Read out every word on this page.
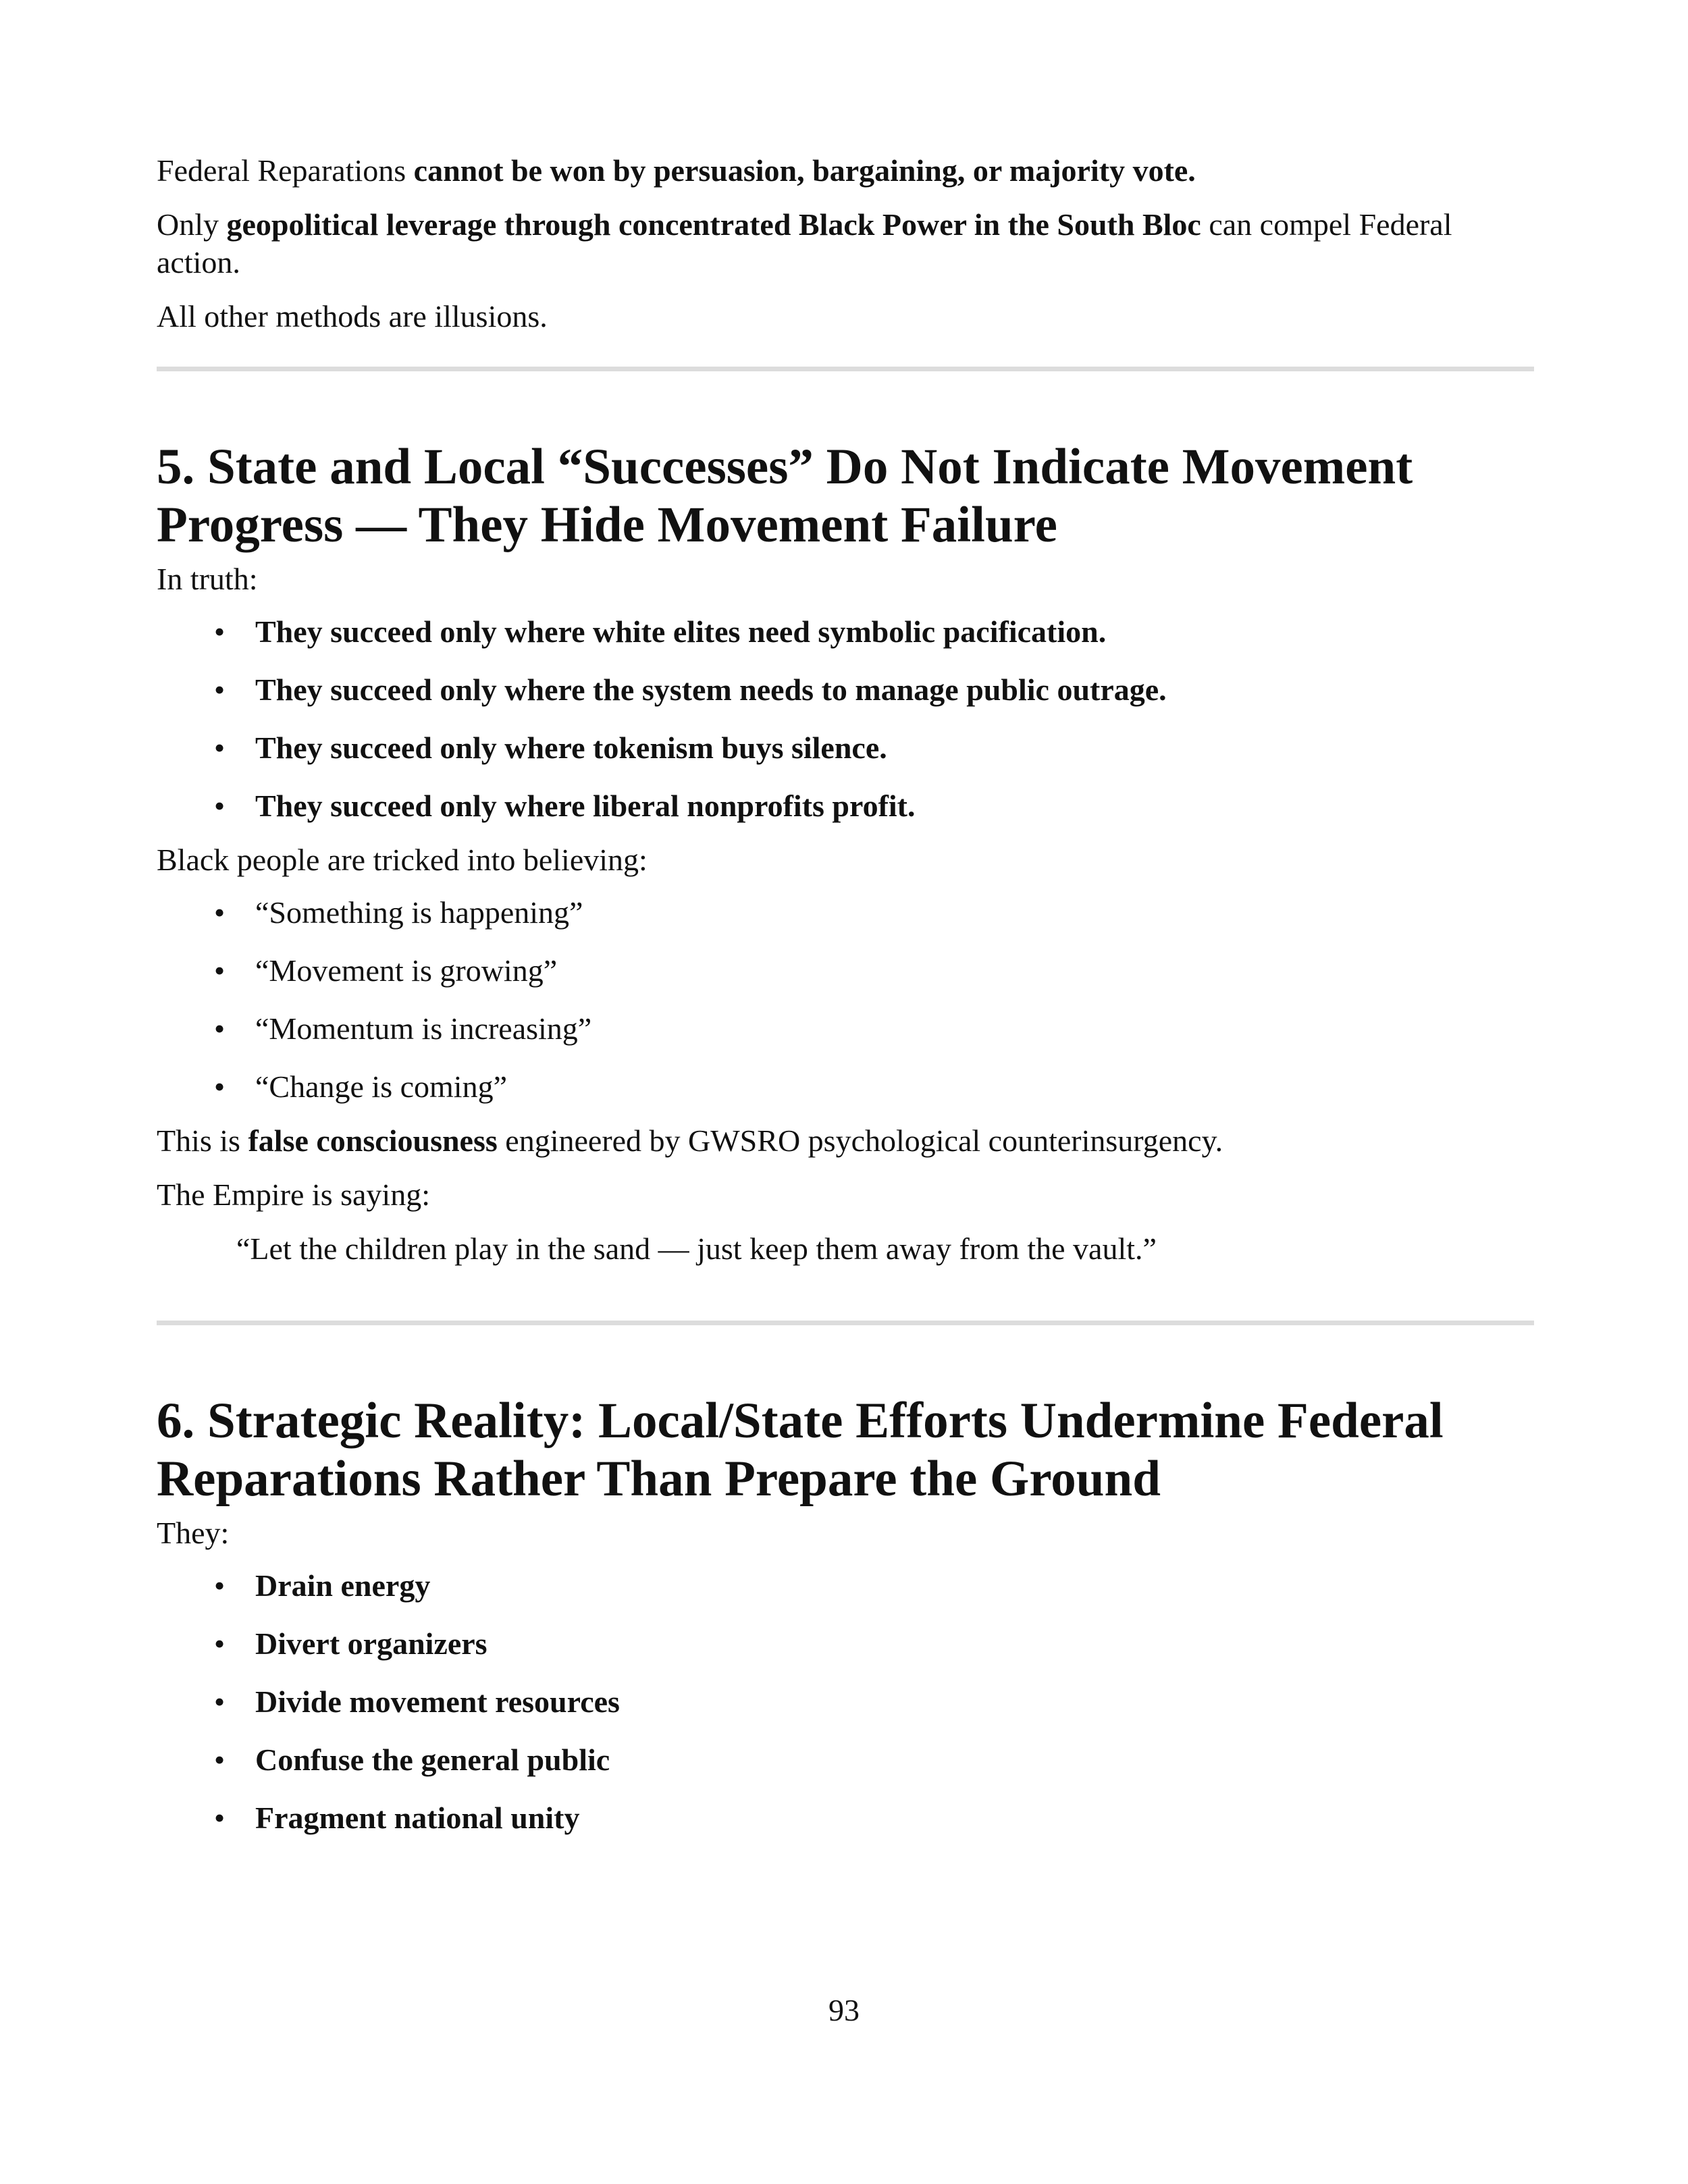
Federal Reparations cannot be won by persuasion, bargaining, or majority vote.

Only geopolitical leverage through concentrated Black Power in the South Bloc can compel Federal action.

All other methods are illusions.

5. State and Local “Successes” Do Not Indicate Movement Progress — They Hide Movement Failure

In truth:

• They succeed only where white elites need symbolic pacification.
• They succeed only where the system needs to manage public outrage.
• They succeed only where tokenism buys silence.
• They succeed only where liberal nonprofits profit.

Black people are tricked into believing:

• “Something is happening”
• “Movement is growing”
• “Momentum is increasing”
• “Change is coming”

This is false consciousness engineered by GWSRO psychological counterinsurgency.

The Empire is saying:

“Let the children play in the sand — just keep them away from the vault.”

6. Strategic Reality: Local/State Efforts Undermine Federal Reparations Rather Than Prepare the Ground

They:

• Drain energy
• Divert organizers
• Divide movement resources
• Confuse the general public
• Fragment national unity
93
